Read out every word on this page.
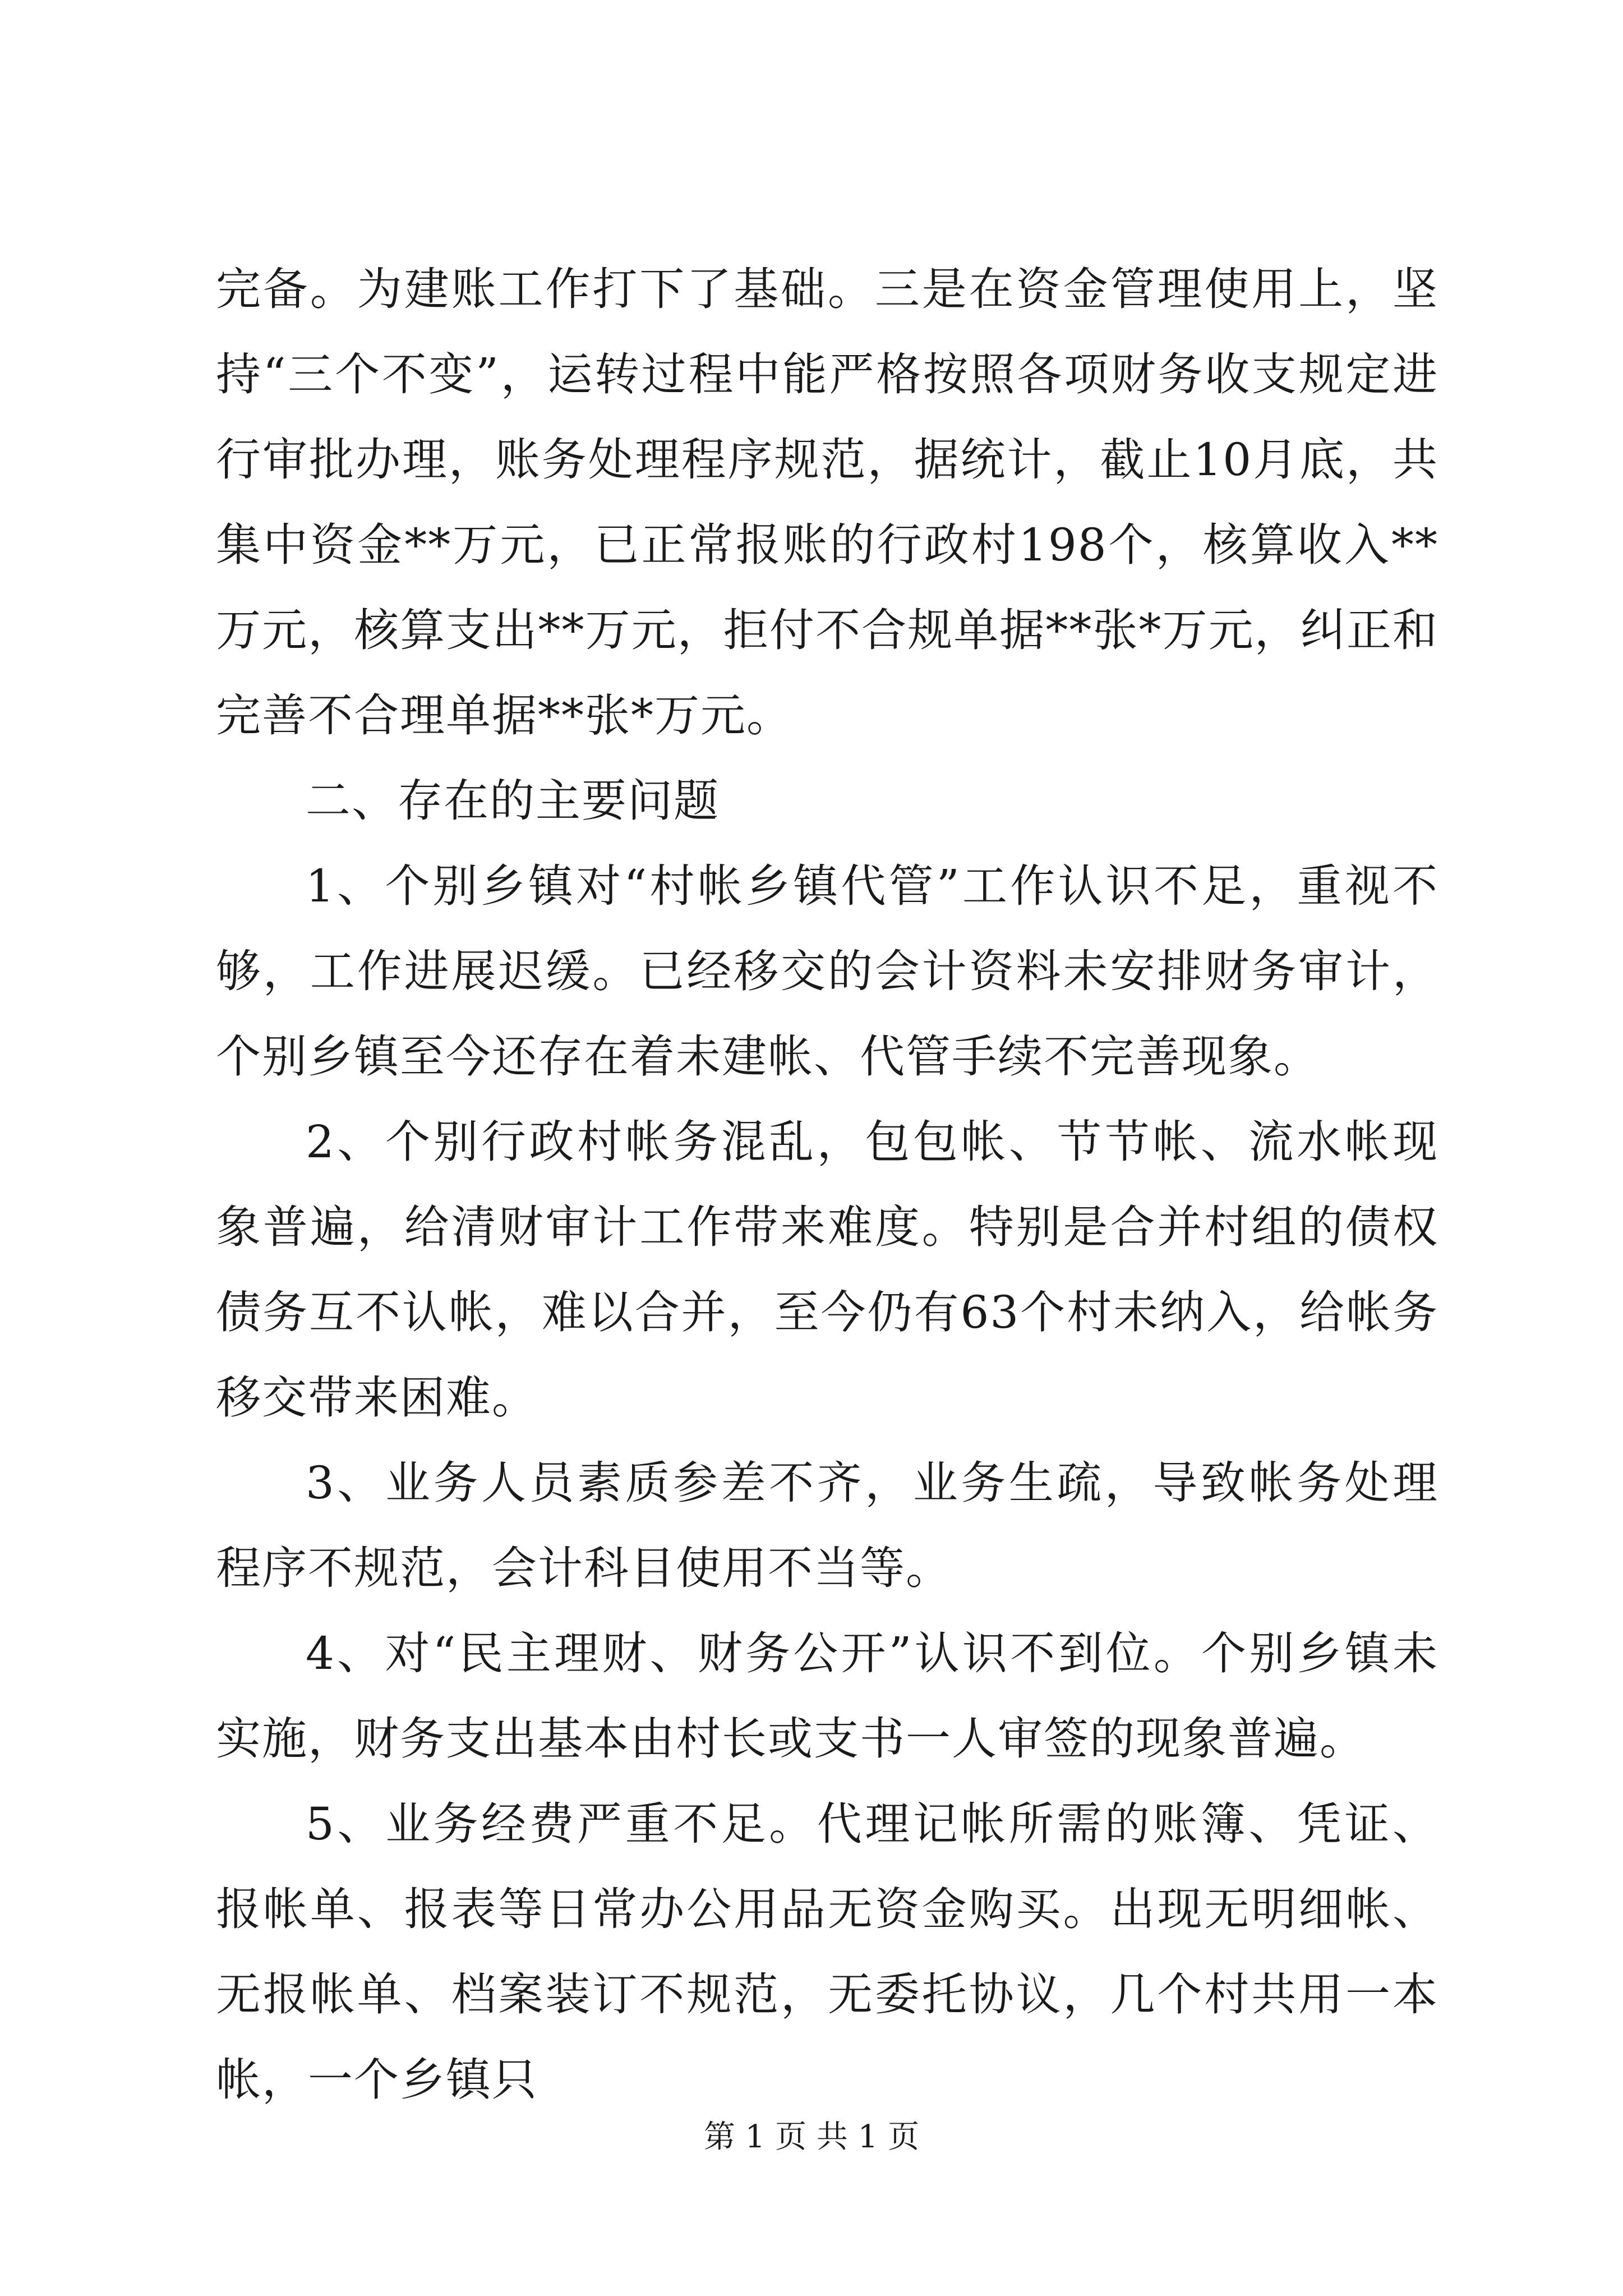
完备。为建账工作打下了基础。三是在资金管理使用上，坚持“三个不变”，运转过程中能严格按照各项财务收支规定进行审批办理，账务处理程序规范，据统计，截止10月底，共集中资金**万元，已正常报账的行政村198个，核算收入**万元，核算支出**万元，拒付不合规单据**张*万元，纠正和完善不合理单据**张*万元。

二、存在的主要问题

1、个别乡镇对“村帐乡镇代管”工作认识不足，重视不够，工作进展迟缓。已经移交的会计资料未安排财务审计，个别乡镇至今还存在着未建帐、代管手续不完善现象。

2、个别行政村帐务混乱，包包帐、节节帐、流水帐现象普遍，给清财审计工作带来难度。特别是合并村组的债权债务互不认帐，难以合并，至今仍有63个村未纳入，给帐务移交带来困难。

3、业务人员素质参差不齐，业务生疏，导致帐务处理程序不规范，会计科目使用不当等。

4、对“民主理财、财务公开”认识不到位。个别乡镇未实施，财务支出基本由村长或支书一人审签的现象普遍。

5、业务经费严重不足。代理记帐所需的账簿、凭证、报帐单、报表等日常办公用品无资金购买。出现无明细帐、无报帐单、档案装订不规范，无委托协议，几个村共用一本帐，一个乡镇只

第 1 页 共 1 页
